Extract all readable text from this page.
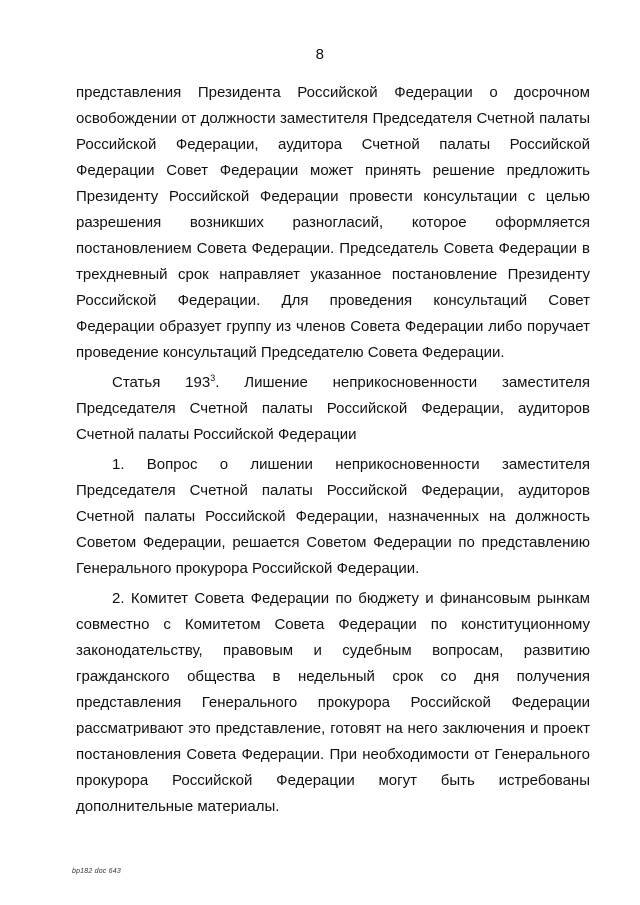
8
представления Президента Российской Федерации о досрочном
освобождении от должности заместителя Председателя Счетной палаты
Российской Федерации, аудитора Счетной палаты Российской
Федерации Совет Федерации может принять решение предложить
Президенту Российской Федерации провести консультации с целью
разрешения возникших разногласий, которое оформляется
постановлением Совета Федерации. Председатель Совета Федерации в
трехдневный срок направляет указанное постановление Президенту
Российской Федерации. Для проведения консультаций Совет
Федерации образует группу из членов Совета Федерации либо поручает
проведение консультаций Председателю Совета Федерации.
Статья $193^3$. Лишение неприкосновенности заместителя
Председателя Счетной палаты Российской Федерации, аудиторов
Счетной палаты Российской Федерации
1. Вопрос о лишении неприкосновенности заместителя
Председателя Счетной палаты Российской Федерации, аудиторов
Счетной палаты Российской Федерации, назначенных на должность
Советом Федерации, решается Советом Федерации по представлению
Генерального прокурора Российской Федерации.
2. Комитет Совета Федерации по бюджету и финансовым рынкам
совместно с Комитетом Совета Федерации по конституционному
законодательству, правовым и судебным вопросам, развитию
гражданского общества в недельный срок со дня получения
представления Генерального прокурора Российской Федерации
рассматривают это представление, готовят на него заключения и проект
постановления Совета Федерации. При необходимости от Генерального
прокурора Российской Федерации могут быть истребованы
дополнительные материалы.
bp182 doc 643
